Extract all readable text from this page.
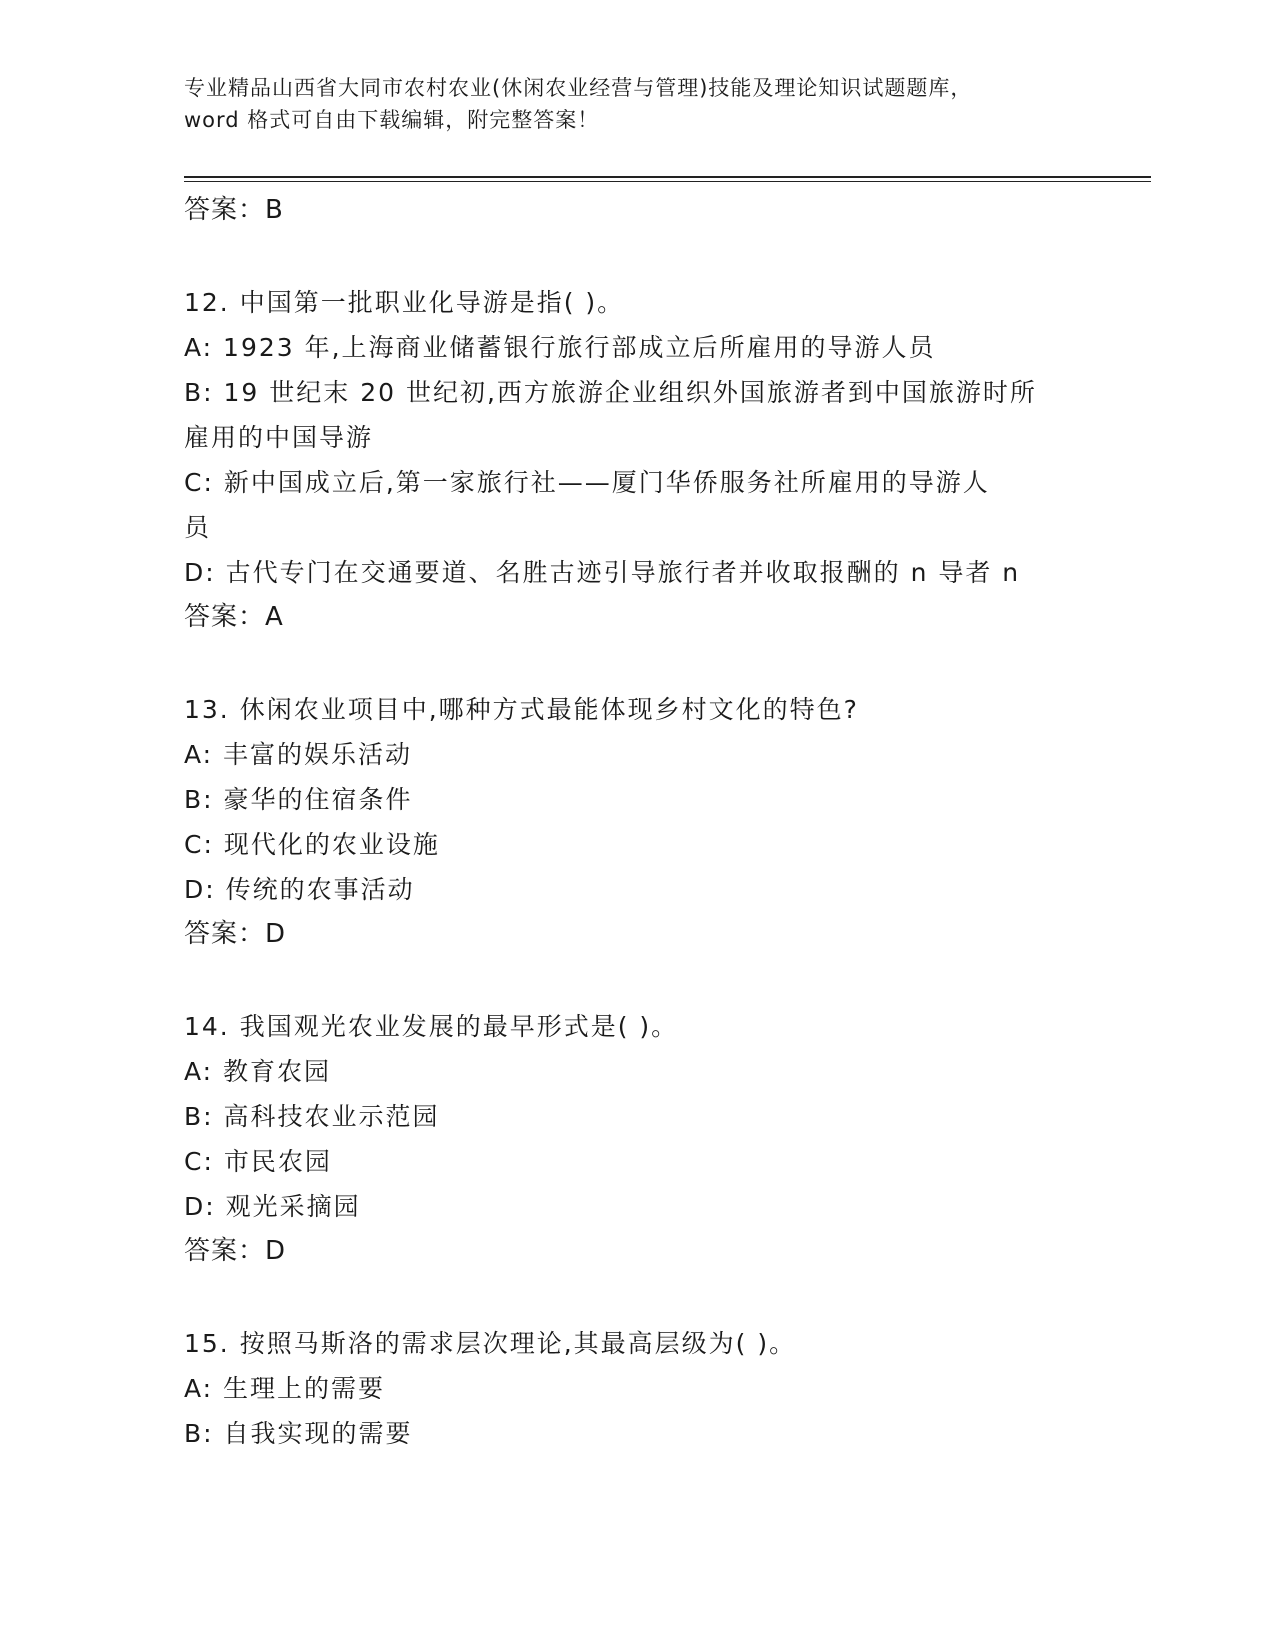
专业精品山西省大同市农村农业(休闲农业经营与管理)技能及理论知识试题题库，
word 格式可自由下载编辑，附完整答案！
答案：B
12. 中国第一批职业化导游是指( )。
A: 1923 年,上海商业储蓄银行旅行部成立后所雇用的导游人员
B: 19 世纪末 20 世纪初,西方旅游企业组织外国旅游者到中国旅游时所
雇用的中国导游
C: 新中国成立后,第一家旅行社——厦门华侨服务社所雇用的导游人
员
D: 古代专门在交通要道、名胜古迹引导旅行者并收取报酬的 n 导者 n
答案：A
13. 休闲农业项目中,哪种方式最能体现乡村文化的特色?
A: 丰富的娱乐活动
B: 豪华的住宿条件
C: 现代化的农业设施
D: 传统的农事活动
答案：D
14. 我国观光农业发展的最早形式是( )。
A: 教育农园
B: 高科技农业示范园
C: 市民农园
D: 观光采摘园
答案：D
15. 按照马斯洛的需求层次理论,其最高层级为( )。
A: 生理上的需要
B: 自我实现的需要
